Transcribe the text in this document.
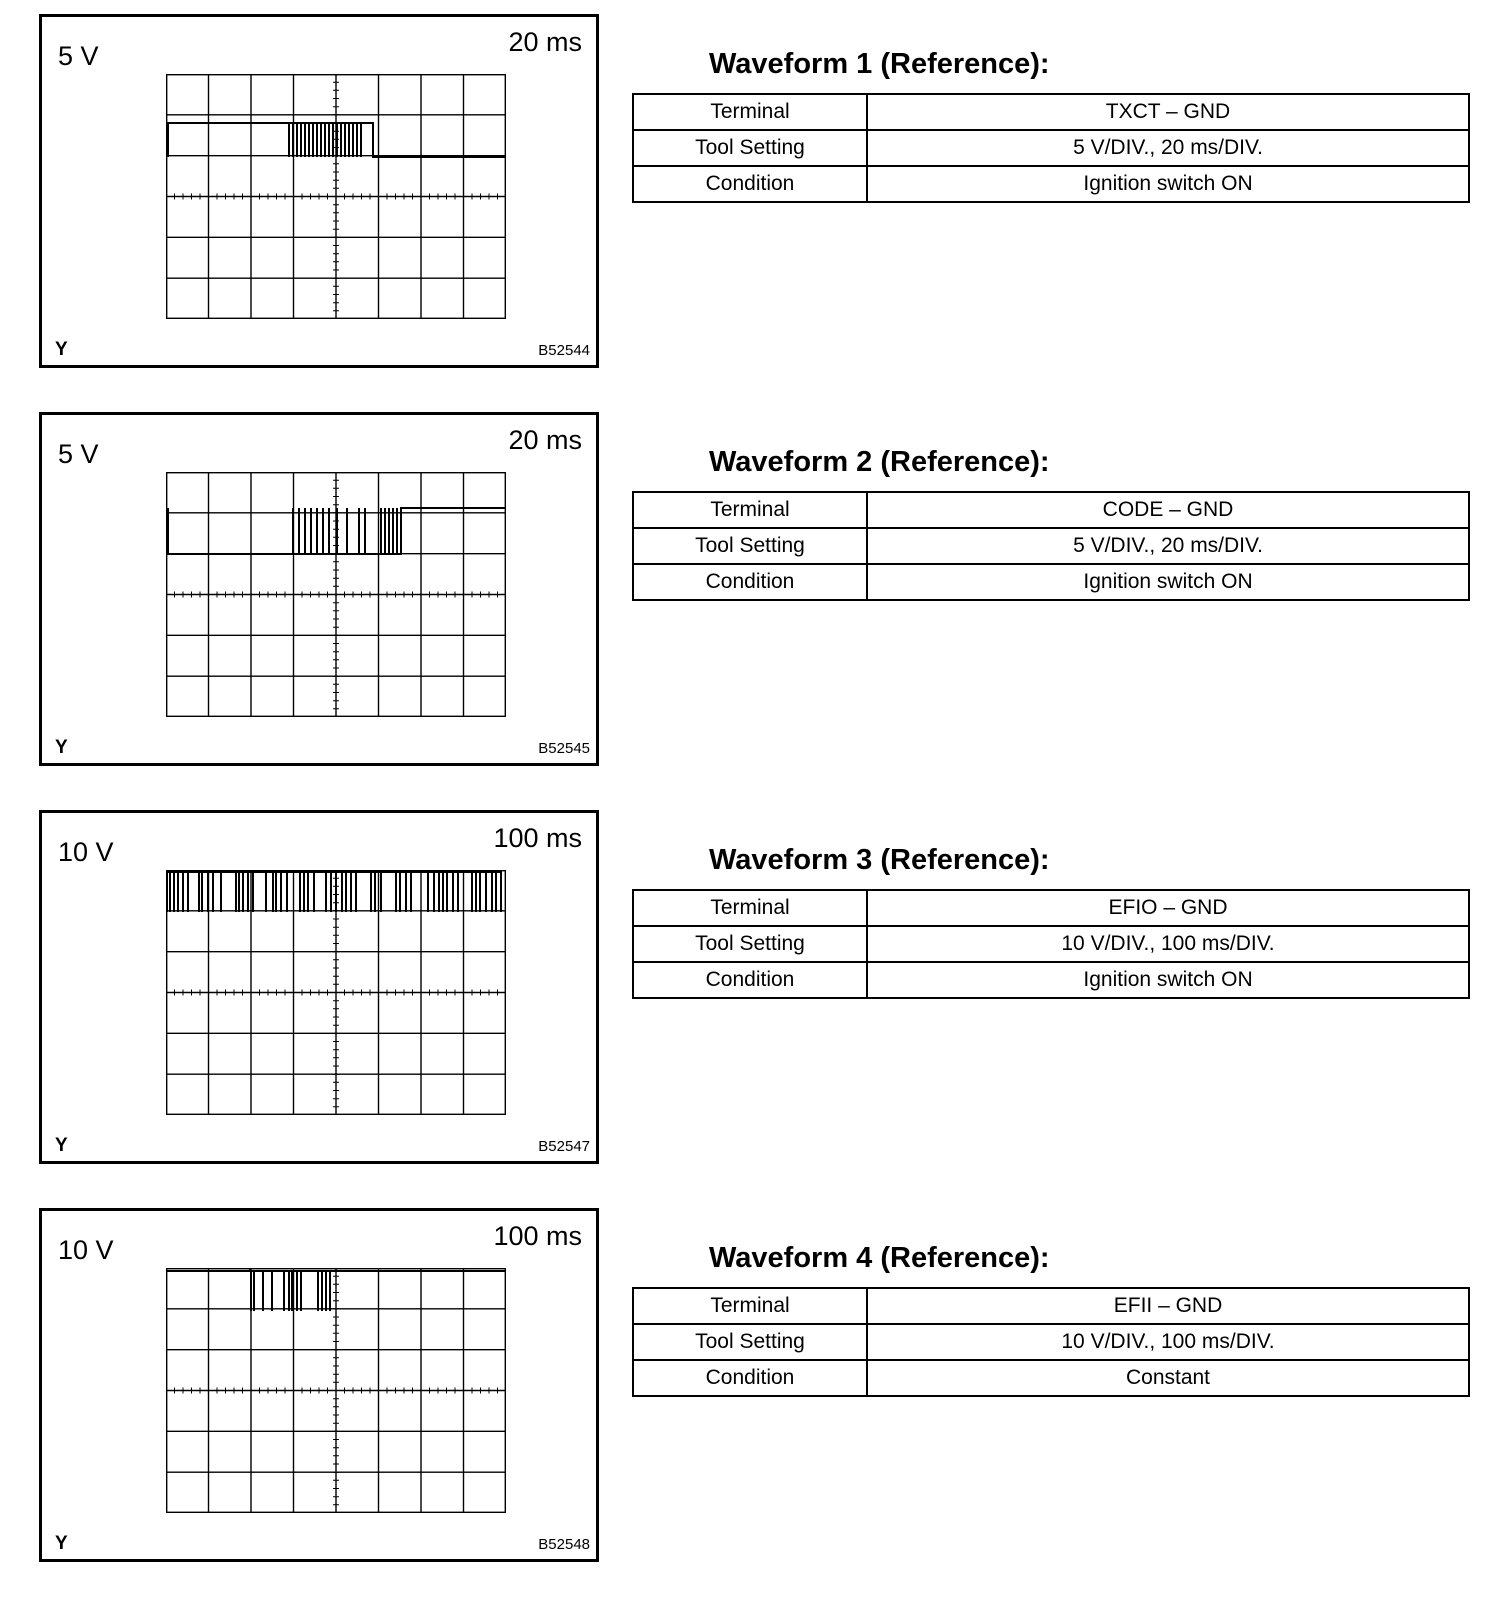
5 V	20 ms
Y	B52544
Waveform 1 (Reference):
Terminal	TXCT – GND
Tool Setting	5 V/DIV., 20 ms/DIV.
Condition	Ignition switch ON
5 V	20 ms
Y	B52545
Waveform 2 (Reference):
Terminal	CODE – GND
Tool Setting	5 V/DIV., 20 ms/DIV.
Condition	Ignition switch ON
10 V	100 ms
Y	B52547
Waveform 3 (Reference):
Terminal	EFIO – GND
Tool Setting	10 V/DIV., 100 ms/DIV.
Condition	Ignition switch ON
10 V	100 ms
Y	B52548
Waveform 4 (Reference):
Terminal	EFII – GND
Tool Setting	10 V/DIV., 100 ms/DIV.
Condition	Constant
